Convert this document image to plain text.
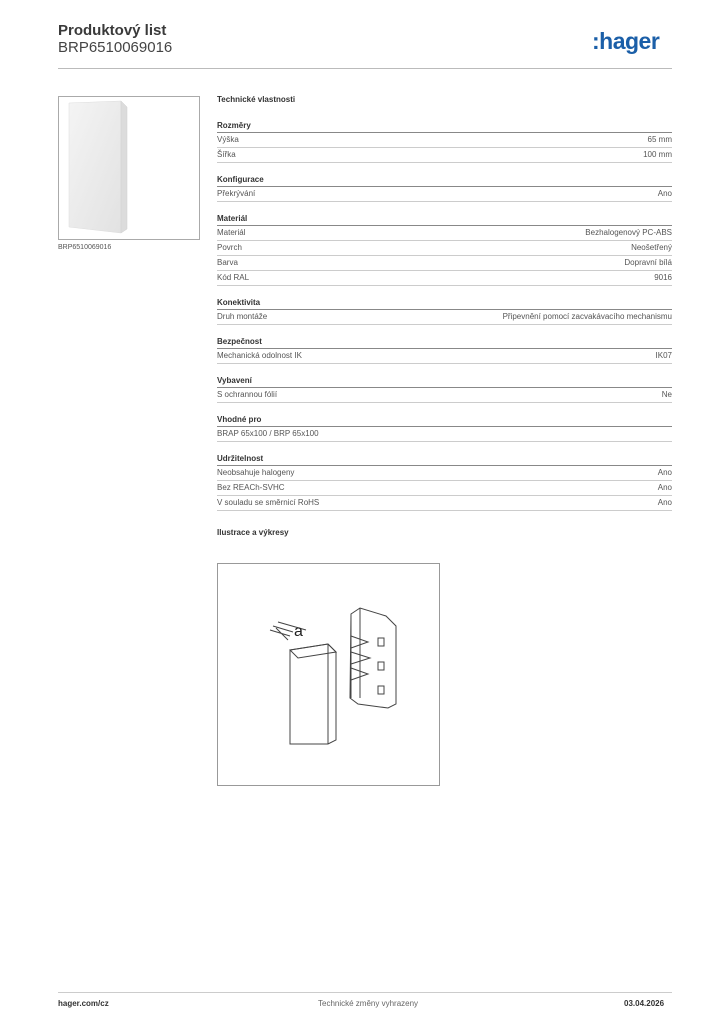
Produktový list
BRP6510069016	:hager
BRP6510069016
Technické vlastnosti
Rozměry
Výška	65 mm
Šířka	100 mm
Konfigurace
Překrývání	Ano
Materiál
Materiál	Bezhalogenový PC-ABS
Povrch	Neošetřený
Barva	Dopravní bílá
Kód RAL	9016
Konektivita
Druh montáže	Připevnění pomocí zacvakávacího mechanismu
Bezpečnost
Mechanická odolnost IK	IK07
Vybavení
S ochrannou fólií	Ne
Vhodné pro
BRAP 65x100 / BRP 65x100
Udržitelnost
Neobsahuje halogeny	Ano
Bez REACh-SVHC	Ano
V souladu se směrnicí RoHS	Ano
Ilustrace a výkresy
a
hager.com/cz	Technické změny vyhrazeny	03.04.2026
